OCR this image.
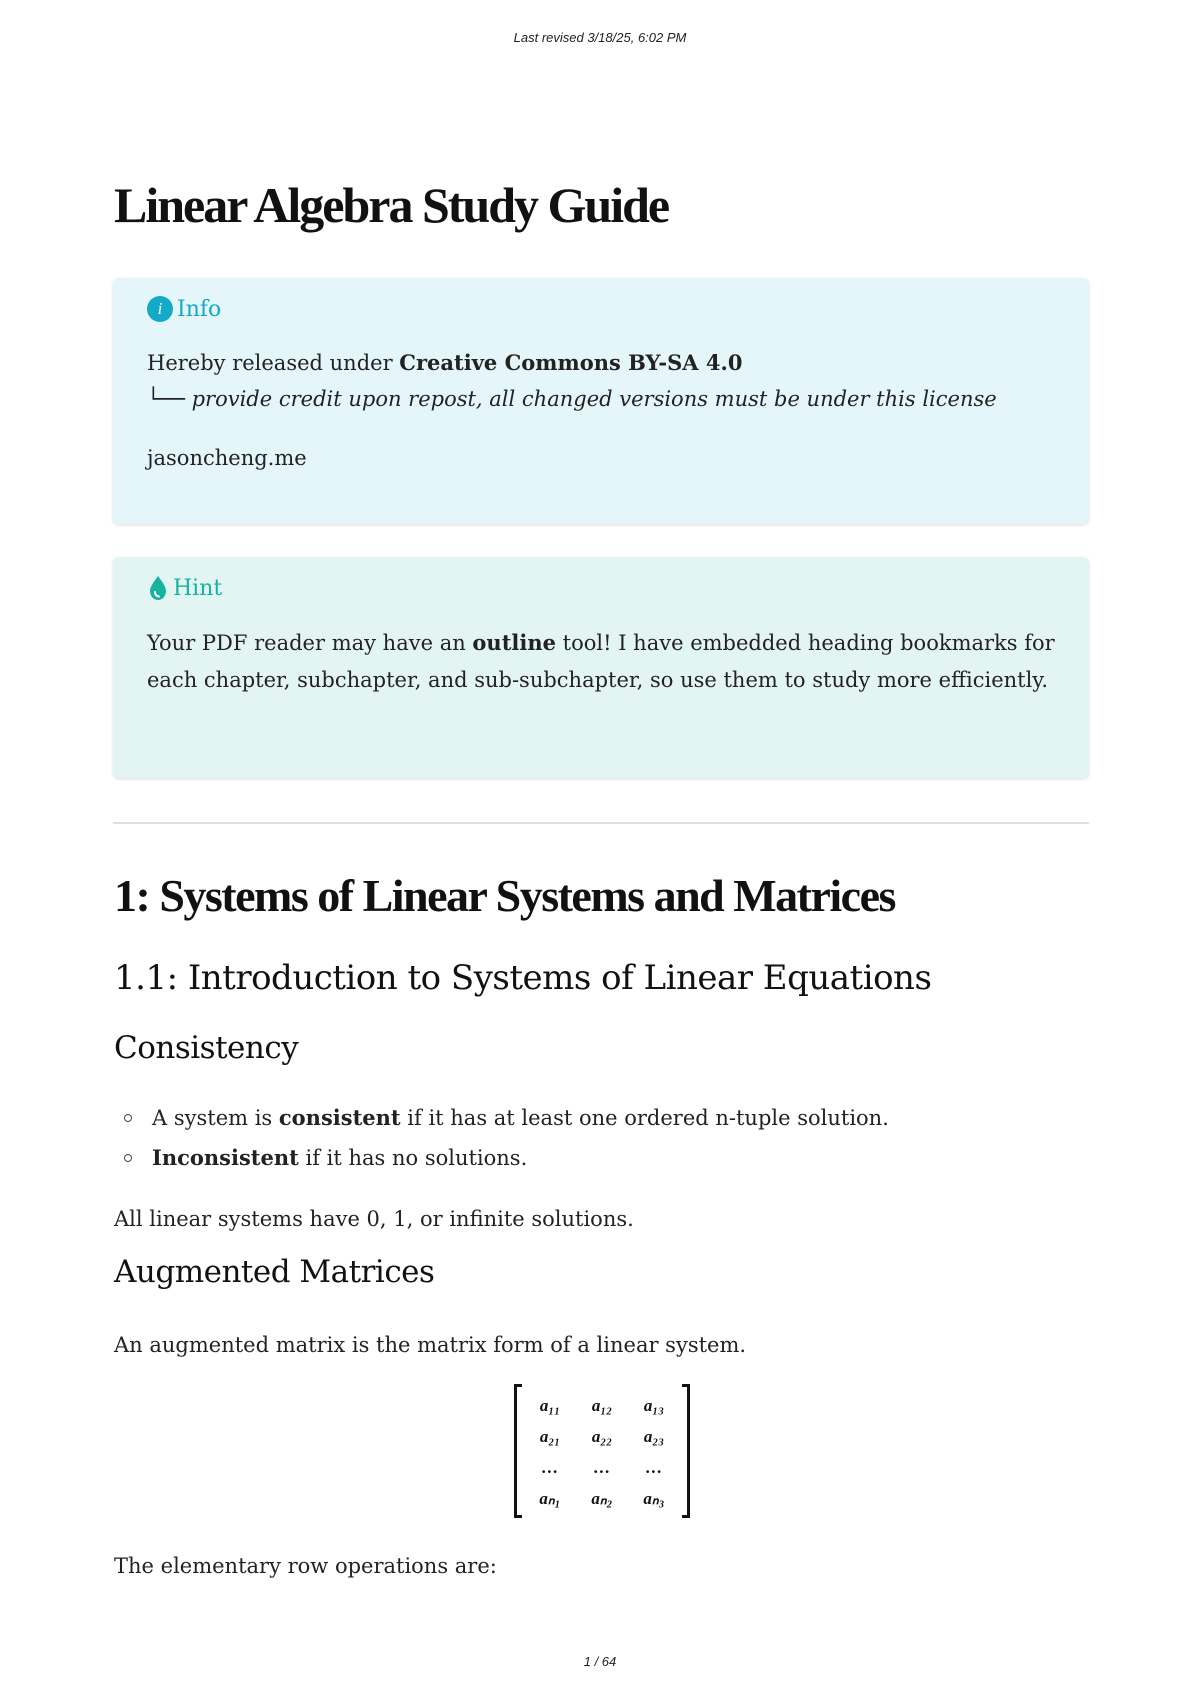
Last revised 3/18/25, 6:02 PM
Linear Algebra Study Guide
i Info

Hereby released under Creative Commons BY-SA 4.0
└── provide credit upon repost, all changed versions must be under this license

jasoncheng.me

Hint

Your PDF reader may have an outline tool! I have embedded heading bookmarks for each chapter, subchapter, and sub-subchapter, so use them to study more efficiently.

1: Systems of Linear Systems and Matrices
1.1: Introduction to Systems of Linear Equations
Consistency
A system is consistent if it has at least one ordered n-tuple solution.
Inconsistent if it has no solutions.

All linear systems have 0, 1, or infinite solutions.

Augmented Matrices

An augmented matrix is the matrix form of a linear system.

a₁₁	a₁₂	a₁₃
a₂₁	a₂₂	a₂₃
…	…	…
aₙ₁	aₙ₂	aₙ₃

The elementary row operations are:

1 / 64
